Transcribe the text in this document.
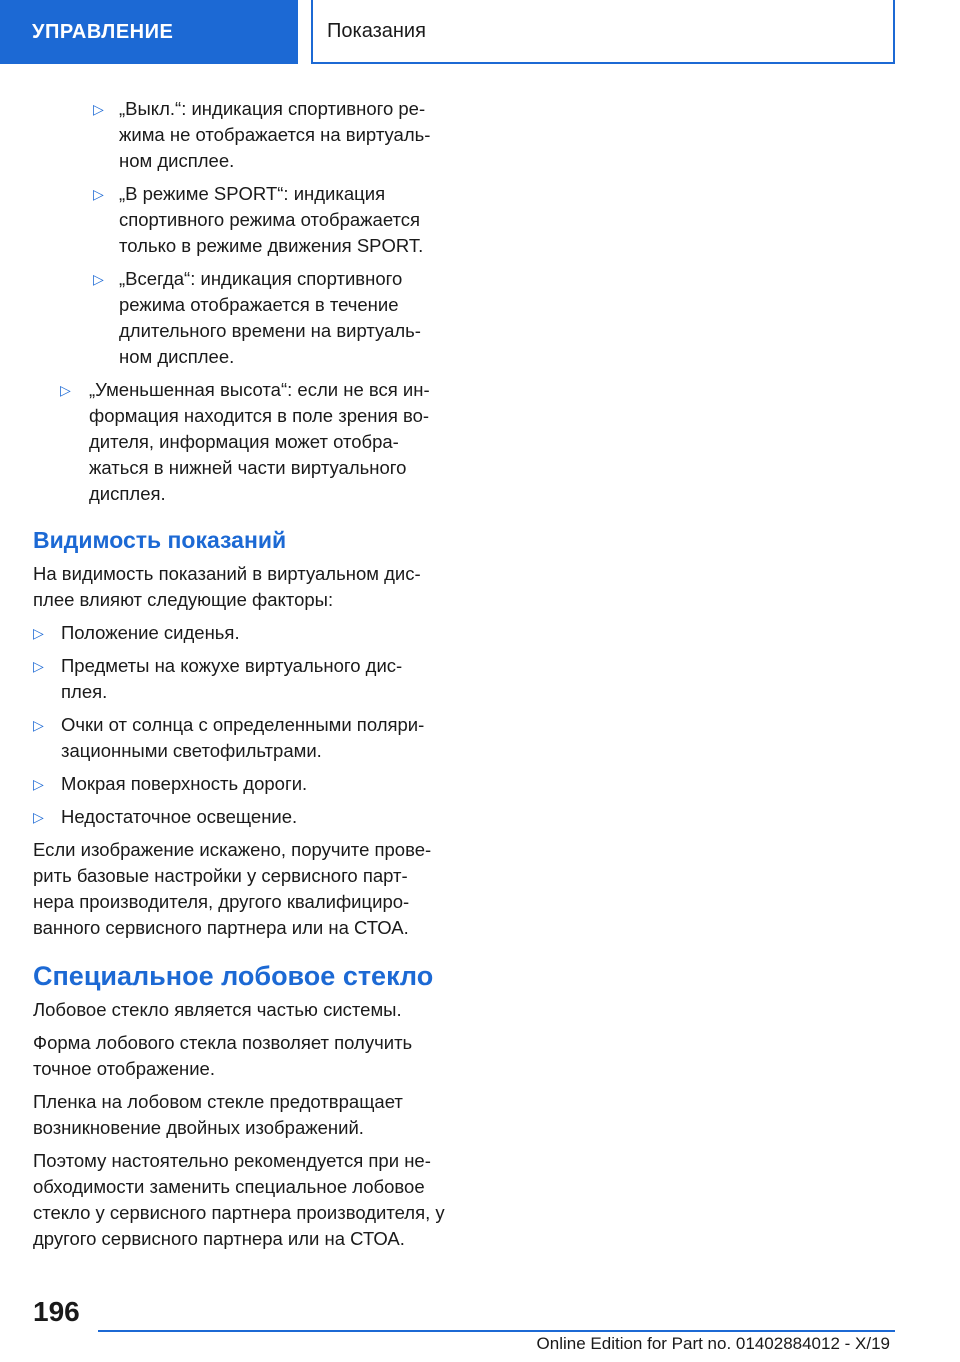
УПРАВЛЕНИЕ	Показания
▷ „Выкл.“: индикация спортивного ре-жима не отображается на виртуаль-ном дисплее.
▷ „В режиме SPORT“: индикация спортивного режима отображается только в режиме движения SPORT.
▷ „Всегда“: индикация спортивного режима отображается в течение длительного времени на виртуаль-ном дисплее.
▷ „Уменьшенная высота“: если не вся ин-формация находится в поле зрения во-дителя, информация может отобра-жаться в нижней части виртуального дисплея.
Видимость показаний

На видимость показаний в виртуальном дис-плее влияют следующие факторы:

▷ Положение сиденья.
▷ Предметы на кожухе виртуального дис-плея.
▷ Очки от солнца с определенными поляри-зационными светофильтрами.
▷ Мокрая поверхность дороги.
▷ Недостаточное освещение.

Если изображение искажено, поручите прове-рить базовые настройки у сервисного парт-нера производителя, другого квалифициро-ванного сервисного партнера или на СТОА.

Специальное лобовое стекло

Лобовое стекло является частью системы.

Форма лобового стекла позволяет получить точное отображение.

Пленка на лобовом стекле предотвращает возникновение двойных изображений.

Поэтому настоятельно рекомендуется при не-обходимости заменить специальное лобовое стекло у сервисного партнера производителя, у другого сервисного партнера или на СТОА.

196
Online Edition for Part no. 01402884012 - X/19
